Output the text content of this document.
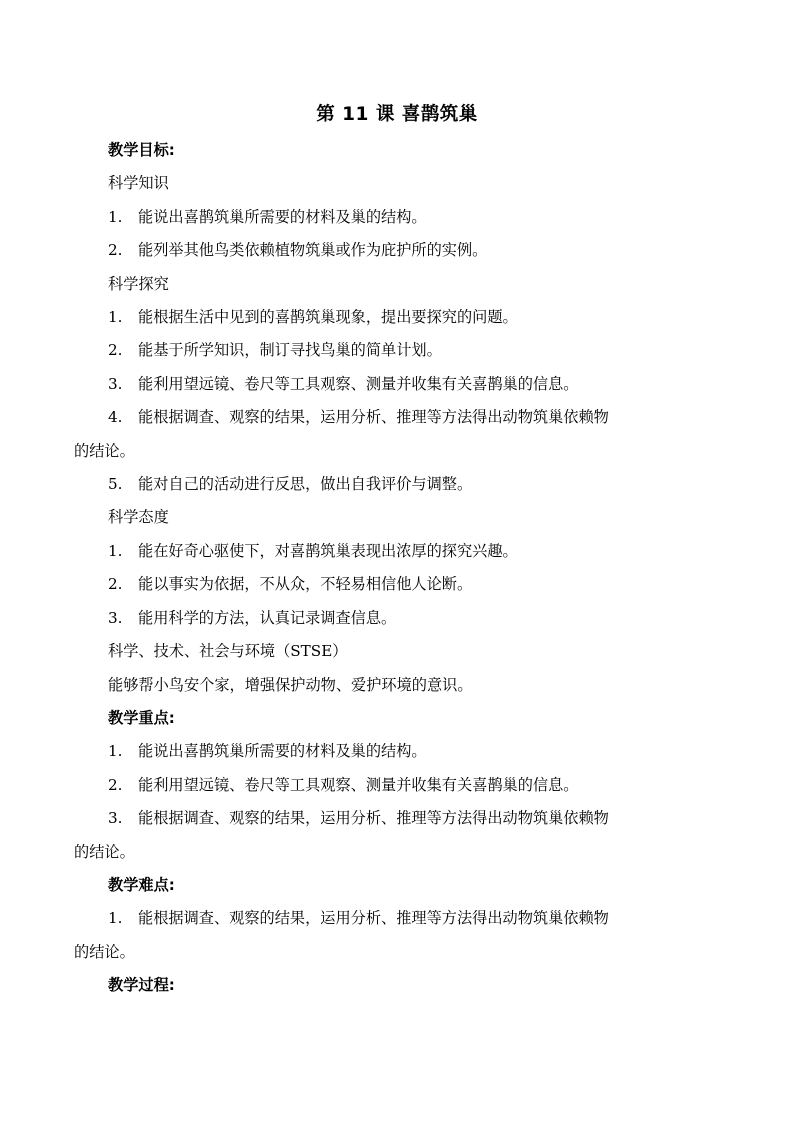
第 11 课 喜鹊筑巢

教学目标:

科学知识

1. 能说出喜鹊筑巢所需要的材料及巢的结构。

2. 能列举其他鸟类依赖植物筑巢或作为庇护所的实例。

科学探究

1. 能根据生活中见到的喜鹊筑巢现象，提出要探究的问题。

2. 能基于所学知识，制订寻找鸟巢的简单计划。

3. 能利用望远镜、卷尺等工具观察、测量并收集有关喜鹊巢的信息。

4. 能根据调查、观察的结果，运用分析、推理等方法得出动物筑巢依赖物

的结论。

5. 能对自己的活动进行反思，做出自我评价与调整。

科学态度

1. 能在好奇心驱使下，对喜鹊筑巢表现出浓厚的探究兴趣。

2. 能以事实为依据，不从众，不轻易相信他人论断。

3. 能用科学的方法，认真记录调查信息。

科学、技术、社会与环境（STSE）

能够帮小鸟安个家，增强保护动物、爱护环境的意识。

教学重点:

1. 能说出喜鹊筑巢所需要的材料及巢的结构。

2. 能利用望远镜、卷尺等工具观察、测量并收集有关喜鹊巢的信息。

3. 能根据调查、观察的结果，运用分析、推理等方法得出动物筑巢依赖物

的结论。

教学难点:

1. 能根据调查、观察的结果，运用分析、推理等方法得出动物筑巢依赖物

的结论。

教学过程:
